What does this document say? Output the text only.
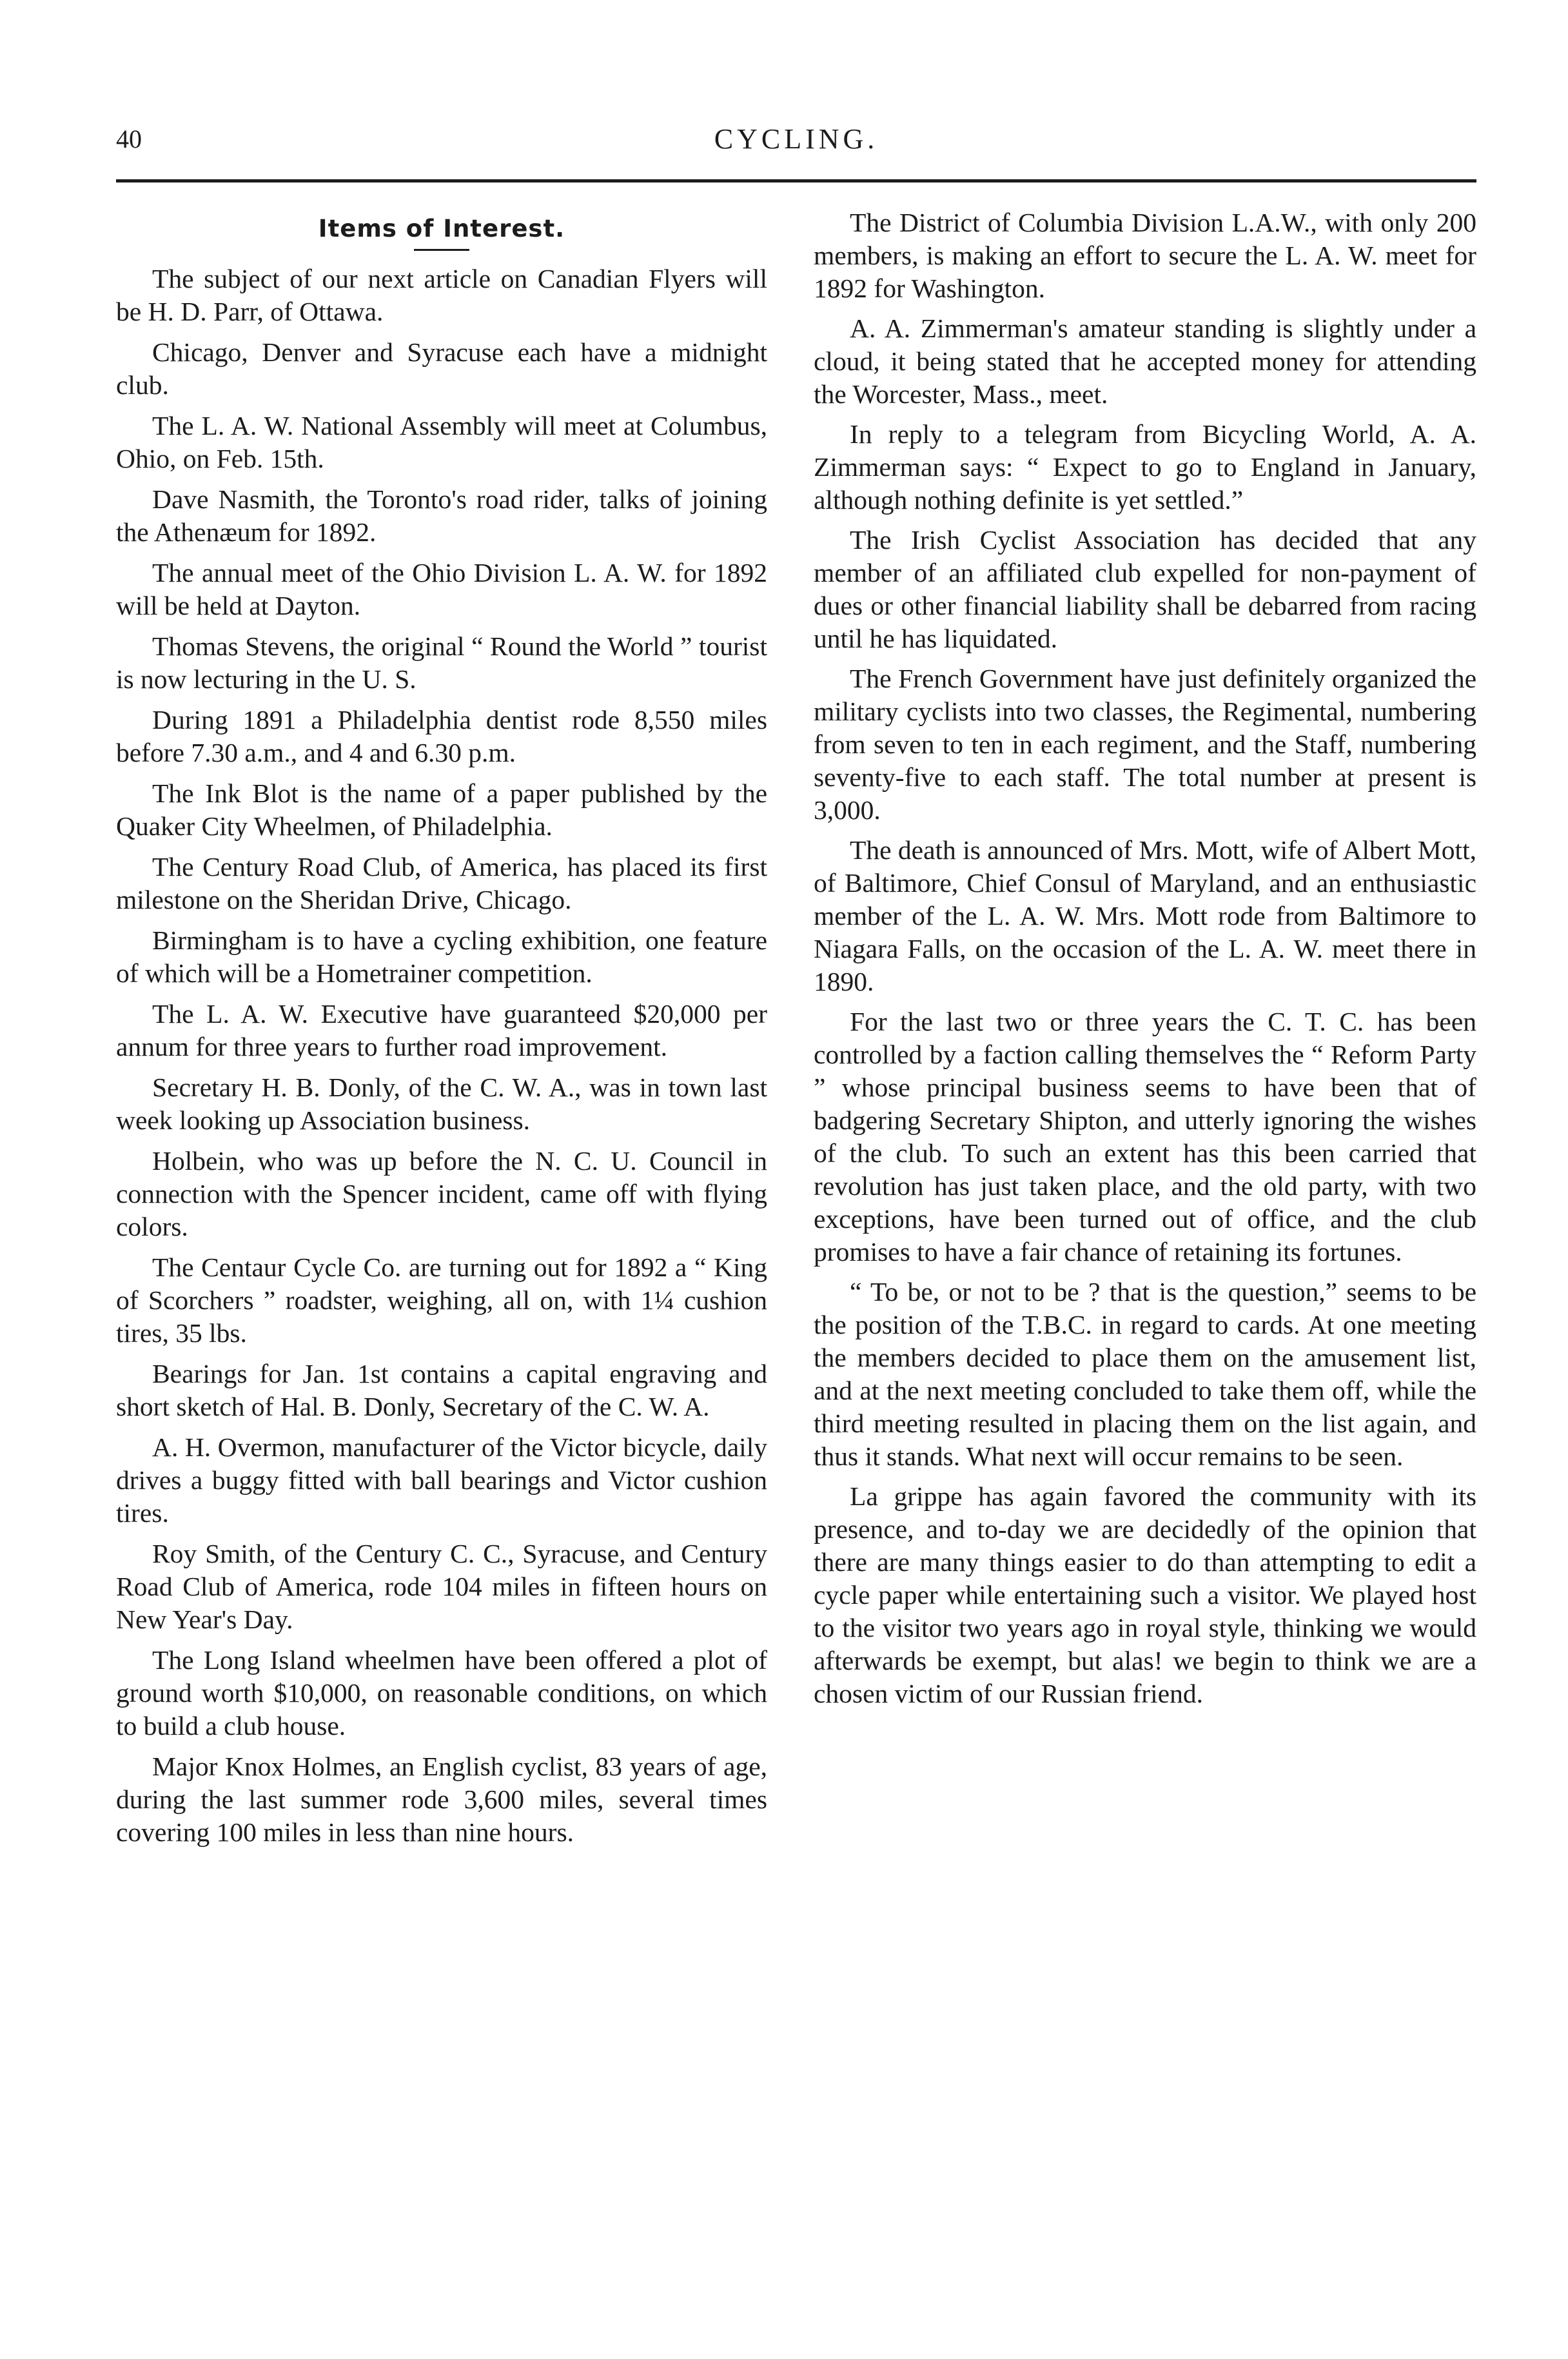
40	CYCLING.
Items of Interest.

The subject of our next article on Canadian Flyers will be H. D. Parr, of Ottawa.

Chicago, Denver and Syracuse each have a midnight club.

The L. A. W. National Assembly will meet at Columbus, Ohio, on Feb. 15th.

Dave Nasmith, the Toronto's road rider, talks of joining the Athenæum for 1892.

The annual meet of the Ohio Division L. A. W. for 1892 will be held at Dayton.

Thomas Stevens, the original “ Round the World ” tourist is now lecturing in the U. S.

During 1891 a Philadelphia dentist rode 8,550 miles before 7.30 a.m., and 4 and 6.30 p.m.

The Ink Blot is the name of a paper published by the Quaker City Wheelmen, of Philadelphia.

The Century Road Club, of America, has placed its first milestone on the Sheridan Drive, Chicago.

Birmingham is to have a cycling exhibition, one feature of which will be a Hometrainer competition.

The L. A. W. Executive have guaranteed $20,000 per annum for three years to further road improvement.

Secretary H. B. Donly, of the C. W. A., was in town last week looking up Association business.

Holbein, who was up before the N. C. U. Council in connection with the Spencer incident, came off with flying colors.

The Centaur Cycle Co. are turning out for 1892 a “ King of Scorchers ” roadster, weighing, all on, with 1¼ cushion tires, 35 lbs.

Bearings for Jan. 1st contains a capital engraving and short sketch of Hal. B. Donly, Secretary of the C. W. A.

A. H. Overmon, manufacturer of the Victor bicycle, daily drives a buggy fitted with ball bearings and Victor cushion tires.

Roy Smith, of the Century C. C., Syracuse, and Century Road Club of America, rode 104 miles in fifteen hours on New Year's Day.

The Long Island wheelmen have been offered a plot of ground worth $10,000, on reasonable conditions, on which to build a club house.

Major Knox Holmes, an English cyclist, 83 years of age, during the last summer rode 3,600 miles, several times covering 100 miles in less than nine hours.

The District of Columbia Division L.A.W., with only 200 members, is making an effort to secure the L. A. W. meet for 1892 for Washington.

A. A. Zimmerman's amateur standing is slightly under a cloud, it being stated that he accepted money for attending the Worcester, Mass., meet.

In reply to a telegram from Bicycling World, A. A. Zimmerman says: “ Expect to go to England in January, although nothing definite is yet settled.”

The Irish Cyclist Association has decided that any member of an affiliated club expelled for non-payment of dues or other financial liability shall be debarred from racing until he has liquidated.

The French Government have just definitely organized the military cyclists into two classes, the Regimental, numbering from seven to ten in each regiment, and the Staff, numbering seventy-five to each staff. The total number at present is 3,000.

The death is announced of Mrs. Mott, wife of Albert Mott, of Baltimore, Chief Consul of Maryland, and an enthusiastic member of the L. A. W. Mrs. Mott rode from Baltimore to Niagara Falls, on the occasion of the L. A. W. meet there in 1890.

For the last two or three years the C. T. C. has been controlled by a faction calling themselves the “ Reform Party ” whose principal business seems to have been that of badgering Secretary Shipton, and utterly ignoring the wishes of the club. To such an extent has this been carried that revolution has just taken place, and the old party, with two exceptions, have been turned out of office, and the club promises to have a fair chance of retaining its fortunes.

“ To be, or not to be ? that is the question,” seems to be the position of the T.B.C. in regard to cards. At one meeting the members decided to place them on the amusement list, and at the next meeting concluded to take them off, while the third meeting resulted in placing them on the list again, and thus it stands. What next will occur remains to be seen.

La grippe has again favored the community with its presence, and to-day we are decidedly of the opinion that there are many things easier to do than attempting to edit a cycle paper while entertaining such a visitor. We played host to the visitor two years ago in royal style, thinking we would afterwards be exempt, but alas! we begin to think we are a chosen victim of our Russian friend.
